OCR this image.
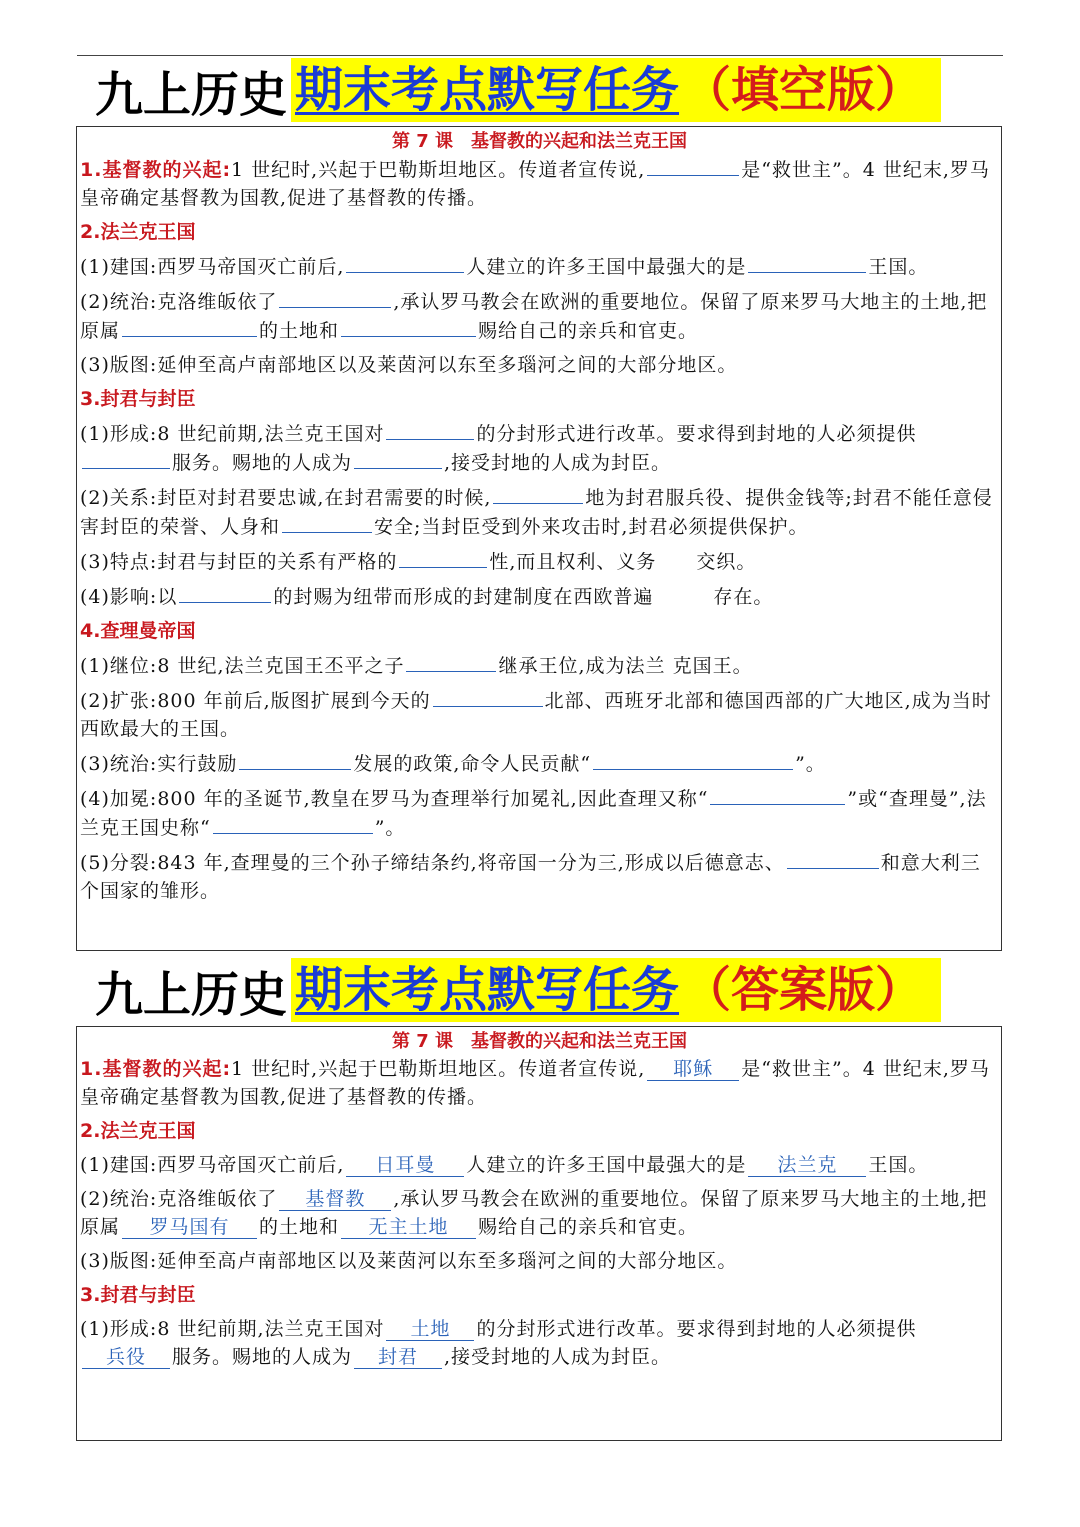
九上历史 期末考点默写任务 （填空版）
第 7 课　基督教的兴起和法兰克王国
1.基督教的兴起:1 世纪时,兴起于巴勒斯坦地区。传道者宣传说,	是“救世主”。4 世纪末,罗马皇帝确定基督教为国教,促进了基督教的传播。
2.法兰克王国
(1)建国:西罗马帝国灭亡前后,	人建立的许多王国中最强大的是	王国。
(2)统治:克洛维皈依了	,承认罗马教会在欧洲的重要地位。保留了原来罗马大地主的土地,把原属	的土地和	赐给自己的亲兵和官吏。
(3)版图:延伸至高卢南部地区以及莱茵河以东至多瑙河之间的大部分地区。
3.封君与封臣
(1)形成:8 世纪前期,法兰克王国对	的分封形式进行改革。要求得到封地的人必须提供服务。赐地的人成为	,接受封地的人成为封臣。
(2)关系:封臣对封君要忠诚,在封君需要的时候,	地为封君服兵役、提供金钱等;封君不能任意侵害封臣的荣誉、人身和	安全;当封臣受到外来攻击时,封君必须提供保护。
(3)特点:封君与封臣的关系有严格的	性,而且权利、义务　　交织。
(4)影响:以	的封赐为纽带而形成的封建制度在西欧普遍　　　存在。
4.查理曼帝国
(1)继位:8 世纪,法兰克国王丕平之子	继承王位,成为法兰 克国王。
(2)扩张:800 年前后,版图扩展到今天的	北部、西班牙北部和德国西部的广大地区,成为当时西欧最大的王国。
(3)统治:实行鼓励	发展的政策,命令人民贡献“	”。
(4)加冕:800 年的圣诞节,教皇在罗马为查理举行加冕礼,因此查理又称“	”或“查理曼”,法兰克王国史称“	”。
(5)分裂:843 年,查理曼的三个孙子缔结条约,将帝国一分为三,形成以后德意志、	和意大利三个国家的雏形。
九上历史 期末考点默写任务 （答案版）
第 7 课　基督教的兴起和法兰克王国
1.基督教的兴起:1 世纪时,兴起于巴勒斯坦地区。传道者宣传说, 耶稣 是“救世主”。4 世纪末,罗马皇帝确定基督教为国教,促进了基督教的传播。
2.法兰克王国
(1)建国:西罗马帝国灭亡前后, 日耳曼 人建立的许多王国中最强大的是 法兰克 王国。
(2)统治:克洛维皈依了 基督教 ,承认罗马教会在欧洲的重要地位。保留了原来罗马大地主的土地,把原属 罗马国有 的土地和 无主土地 赐给自己的亲兵和官吏。
(3)版图:延伸至高卢南部地区以及莱茵河以东至多瑙河之间的大部分地区。
3.封君与封臣
(1)形成:8 世纪前期,法兰克王国对 土地 的分封形式进行改革。要求得到封地的人必须提供兵役 服务。赐地的人成为 封君 ,接受封地的人成为封臣。
